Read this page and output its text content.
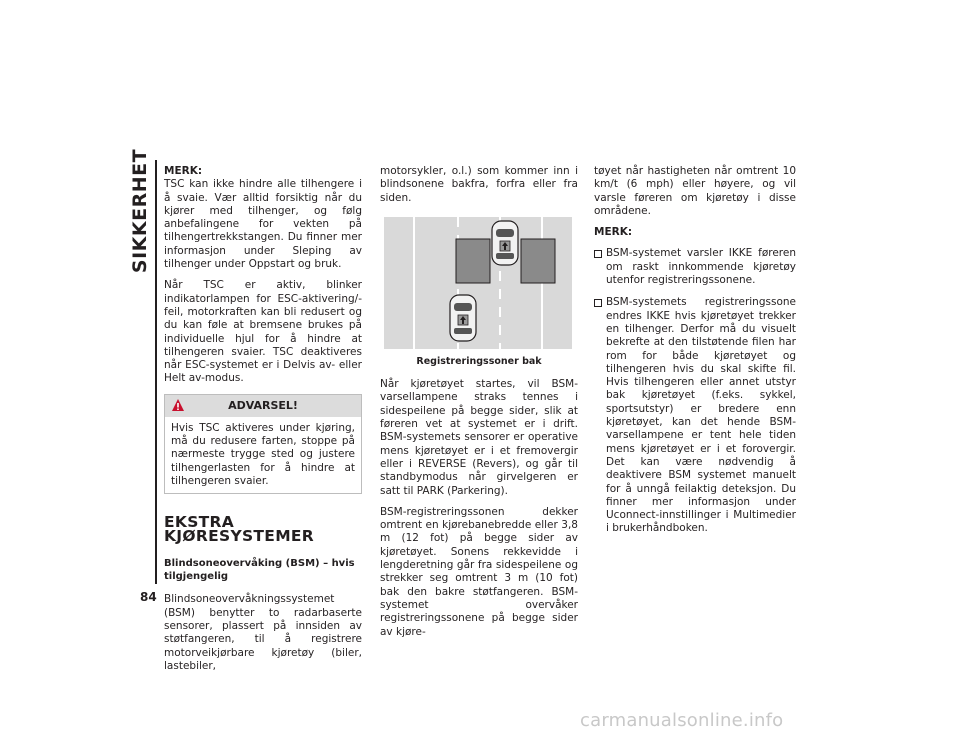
SIKKERHET
84

MERK:

TSC kan ikke hindre alle tilhengere i å svaie. Vær alltid forsiktig når du kjører med tilhenger, og følg anbefalingene for vekten på tilhengertrekkstangen. Du finner mer informasjon under Sleping av tilhenger under Oppstart og bruk.

Når TSC er aktiv, blinker indikatorlampen for ESC-aktivering/-feil, motorkraften kan bli redusert og du kan føle at bremsene brukes på individuelle hjul for å hindre at tilhengeren svaier. TSC deaktiveres når ESC-systemet er i Delvis av- eller Helt av-modus.

ADVARSEL!
Hvis TSC aktiveres under kjøring, må du redusere farten, stoppe på nærmeste trygge sted og justere tilhengerlasten for å hindre at tilhengeren svaier.
EKSTRA KJØRESYSTEMER
Blindsoneovervåking (BSM) – hvis tilgjengelig

Blindsoneovervåkningssystemet (BSM) benytter to radarbaserte sensorer, plassert på innsiden av støtfangeren, til å registrere motorveikjørbare kjøretøy (biler, lastebiler,

motorsykler, o.l.) som kommer inn i blindsonene bakfra, forfra eller fra siden.

Registreringssoner bak

Når kjøretøyet startes, vil BSM-varsellampene straks tennes i sidespeilene på begge sider, slik at føreren vet at systemet er i drift. BSM-systemets sensorer er operative mens kjøretøyet er i et fremovergir eller i REVERSE (Revers), og går til standbymodus når girvelgeren er satt til PARK (Parkering).

BSM-registreringssonen dekker omtrent en kjørebanebredde eller 3,8 m (12 fot) på begge sider av kjøretøyet. Sonens rekkevidde i lengderetning går fra sidespeilene og strekker seg omtrent 3 m (10 fot) bak den bakre støtfangeren. BSM-systemet overvåker registreringssonene på begge sider av kjøre-

tøyet når hastigheten når omtrent 10 km/t (6 mph) eller høyere, og vil varsle føreren om kjøretøy i disse områdene.

MERK:

BSM-systemet varsler IKKE føreren om raskt innkommende kjøretøy utenfor registreringssonene.
BSM-systemets registreringssone endres IKKE hvis kjøretøyet trekker en tilhenger. Derfor må du visuelt bekrefte at den tilstøtende filen har rom for både kjøretøyet og tilhengeren hvis du skal skifte fil. Hvis tilhengeren eller annet utstyr bak kjøretøyet (f.eks. sykkel, sportsutstyr) er bredere enn kjøretøyet, kan det hende BSM-varsellampene er tent hele tiden mens kjøretøyet er i et forovergir. Det kan være nødvendig å deaktivere BSM systemet manuelt for å unngå feilaktig deteksjon. Du finner mer informasjon under Uconnect-innstillinger i Multimedier i brukerhåndboken.
carmanualsonline.info
